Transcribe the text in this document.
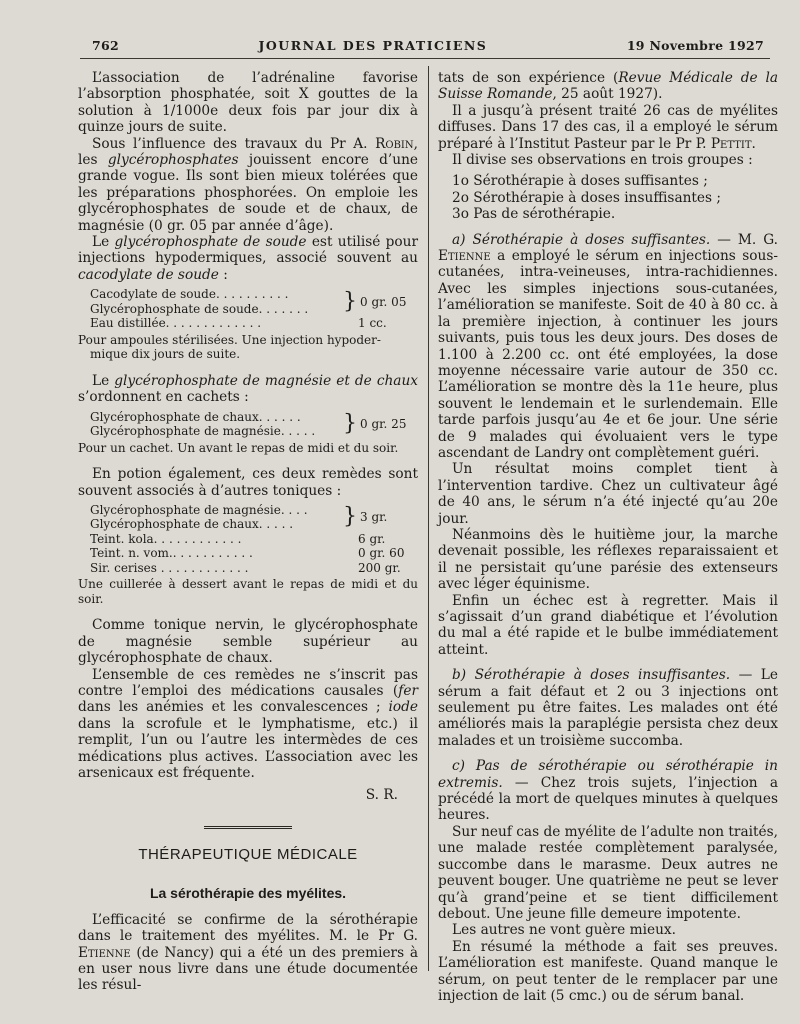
762	JOURNAL DES PRATICIENS	19 Novembre 1927

L’association de l’adrénaline favorise l’absorption phosphatée, soit X gouttes de la solution à 1/1000e deux fois par jour dix à quinze jours de suite.

Sous l’influence des travaux du Pr A. Robin, les glycérophosphates jouissent encore d’une grande vogue. Ils sont bien mieux tolérées que les préparations phosphorées. On emploie les glycérophosphates de soude et de chaux, de magnésie (0 gr. 05 par année d’âge).

Le glycérophosphate de soude est utilisé pour injections hypodermiques, associé souvent au cacodylate de soude :

Cacodylate de soude. . . . . . . . . .
Glycérophosphate de soude. . . . . . .	} 0 gr. 05
Eau distillée. . . . . . . . . . . . .	1 cc.

Pour ampoules stérilisées. Une injection hypoder-
mique dix jours de suite.

Le glycérophosphate de magnésie et de chaux s’ordonnent en cachets :

Glycérophosphate de chaux. . . . . .
Glycérophosphate de magnésie. . . . .	} 0 gr. 25

Pour un cachet. Un avant le repas de midi et du soir.

En potion également, ces deux remèdes sont souvent associés à d’autres toniques :

Glycérophosphate de magnésie. . . .
Glycérophosphate de chaux. . . . .	} 3 gr.
Teint. kola. . . . . . . . . . . .	6 gr.
Teint. n. vom.. . . . . . . . . . .	0 gr. 60
Sir. cerises . . . . . . . . . . . .	200 gr.

Une cuillerée à dessert avant le repas de midi et du soir.

Comme tonique nervin, le glycérophosphate de magnésie semble supérieur au glycérophosphate de chaux.

L’ensemble de ces remèdes ne s’inscrit pas contre l’emploi des médications causales (fer dans les anémies et les convalescences ; iode dans la scrofule et le lymphatisme, etc.) il remplit, l’un ou l’autre les intermèdes de ces médications plus actives. L’association avec les arsenicaux est fréquente.

S. R.
THÉRAPEUTIQUE MÉDICALE
La sérothérapie des myélites.

L’efficacité se confirme de la sérothérapie dans le traitement des myélites. M. le Pr G. Etienne (de Nancy) qui a été un des premiers à en user nous livre dans une étude documentée les résul-

tats de son expérience (Revue Médicale de la Suisse Romande, 25 août 1927).

Il a jusqu’à présent traité 26 cas de myélites diffuses. Dans 17 des cas, il a employé le sérum préparé à l’Institut Pasteur par le Pr P. Pettit.

Il divise ses observations en trois groupes :

1o Sérothérapie à doses suffisantes ;
2o Sérothérapie à doses insuffisantes ;
3o Pas de sérothérapie.

a) Sérothérapie à doses suffisantes. — M. G. Etienne a employé le sérum en injections sous-cutanées, intra-veineuses, intra-rachidiennes. Avec les simples injections sous-cutanées, l’amélioration se manifeste. Soit de 40 à 80 cc. à la première injection, à continuer les jours suivants, puis tous les deux jours. Des doses de 1.100 à 2.200 cc. ont été employées, la dose moyenne nécessaire varie autour de 350 cc. L’amélioration se montre dès la 11e heure, plus souvent le lendemain et le surlendemain. Elle tarde parfois jusqu’au 4e et 6e jour. Une série de 9 malades qui évoluaient vers le type ascendant de Landry ont complètement guéri.

Un résultat moins complet tient à l’intervention tardive. Chez un cultivateur âgé de 40 ans, le sérum n’a été injecté qu’au 20e jour.

Néanmoins dès le huitième jour, la marche devenait possible, les réflexes reparaissaient et il ne persistait qu’une parésie des extenseurs avec léger équinisme.

Enfin un échec est à regretter. Mais il s’agissait d’un grand diabétique et l’évolution du mal a été rapide et le bulbe immédiatement atteint.

b) Sérothérapie à doses insuffisantes. — Le sérum a fait défaut et 2 ou 3 injections ont seulement pu être faites. Les malades ont été améliorés mais la paraplégie persista chez deux malades et un troisième succomba.

c) Pas de sérothérapie ou sérothérapie in extremis. — Chez trois sujets, l’injection a précédé la mort de quelques minutes à quelques heures.

Sur neuf cas de myélite de l’adulte non traités, une malade restée complètement paralysée, succombe dans le marasme. Deux autres ne peuvent bouger. Une quatrième ne peut se lever qu’à grand’peine et se tient difficilement debout. Une jeune fille demeure impotente.

Les autres ne vont guère mieux.

En résumé la méthode a fait ses preuves. L’amélioration est manifeste. Quand manque le sérum, on peut tenter de le remplacer par une injection de lait (5 cmc.) ou de sérum banal.
